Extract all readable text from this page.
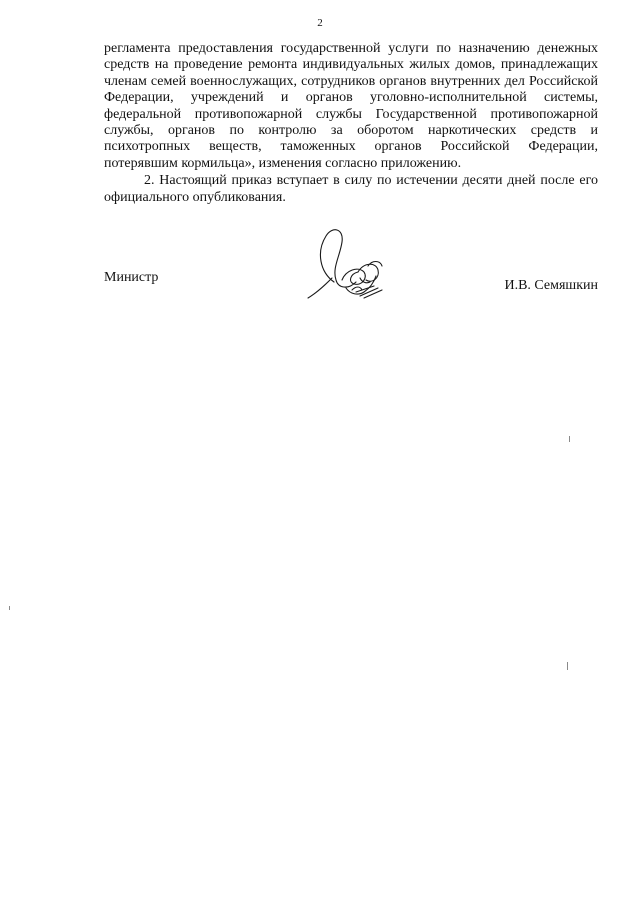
2

регламента предоставления государственной услуги по назначению денежных средств на проведение ремонта индивидуальных жилых домов, принадлежащих членам семей военнослужащих, сотрудников органов внутренних дел Российской Федерации, учреждений и органов уголовно-исполнительной системы, федеральной противопожарной службы Государственной противопожарной службы, органов по контролю за оборотом наркотических средств и психотропных веществ, таможенных органов Российской Федерации, потерявшим кормильца», изменения согласно приложению.

2. Настоящий приказ вступает в силу по истечении десяти дней после его официального опубликования.

Министр
И.В. Семяшкин
